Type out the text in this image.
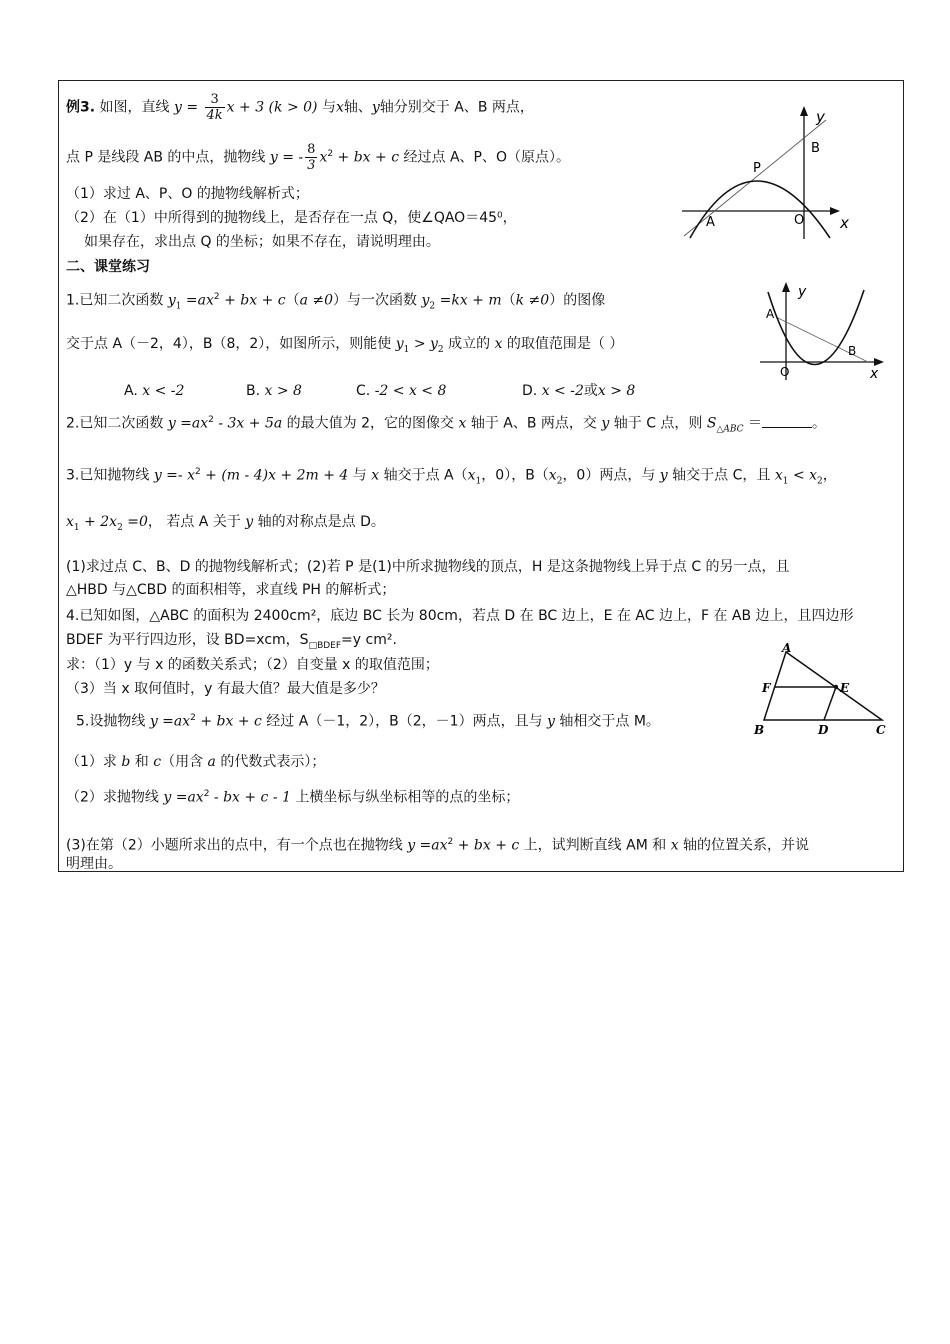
例3. 如图，直线 $y = \frac{3}{4k}$ x + 3 (k > 0) 与x轴、y轴分别交于 A、B 两点，
点 P 是线段 AB 的中点，抛物线 y = - $\frac{8}{3} x^2$ + bx + c 经过点 A、P、O（原点）。
（1）求过 A、P、O 的抛物线解析式；
（2）在（1）中所得到的抛物线上，是否存在一点 Q，使∠QAO＝45⁰，
如果存在，求出点 Q 的坐标；如果不存在，请说明理由。
y
x
B
P
A	O
二、课堂练习
1.已知二次函数 $y_1 =ax^2$ + bx + c（a ≠0）与一次函数 $y_2 =kx + m(k \ne 0)$的图像
交于点 A（－2，4），B（8，2），如图所示，则能使 $y_1 > y_2$ 成立的 x 的取值范围是（ ）
A. x < -2	B. x > 8	C. -2 < x < 8	D. x < -2或x > 8
y
x
A
B
O
2.已知二次函数 $y =ax^2 - 3x + 5a$ 的最大值为 2，它的图像交 x 轴于 A、B 两点，交 y 轴于 C 点，则 $S_{\triangle ABC}$ ＝	。
3.已知抛物线 $y =- x^2 + (m - 4)x + 2m + 4$ 与 x 轴交于点 $A(x_1$，0），$B(x_2$，0）两点，与 y 轴交于点 C，且 $x_1 < x_2$，
$x_1 + 2x_2 =0$， 若点 A 关于 y 轴的对称点是点 D。
(1)求过点 C、B、D 的抛物线解析式；(2)若 P 是(1)中所求抛物线的顶点，H 是这条抛物线上异于点 C 的另一点，且
△HBD 与△CBD 的面积相等，求直线 PH 的解析式；
4.已知如图，△ABC 的面积为 2400cm²，底边 BC 长为 80cm，若点 D 在 BC 边上，E 在 AC 边上，F 在 AB 边上，且四边形
BDEF 为平行四边形，设 BD=xcm，$S_{□BDEF}=y$ cm².
求：（1）y 与 x 的函数关系式；（2）自变量 x 的取值范围；
（3）当 x 取何值时，y 有最大值？最大值是多少？
A
F	E
B	D	C
5.设抛物线 $y =ax^2$ + bx + c 经过 A（－1，2），B（2，－1）两点，且与 y 轴相交于点 M。
（1）求 b 和 c（用含 a 的代数式表示）；
（2）求抛物线 $y =ax^2$ - bx + c - 1 上横坐标与纵坐标相等的点的坐标；
(3)在第（2）小题所求出的点中，有一个点也在抛物线 $y =ax^2$ + bx + c 上，试判断直线 AM 和 x 轴的位置关系，并说
明理由。
